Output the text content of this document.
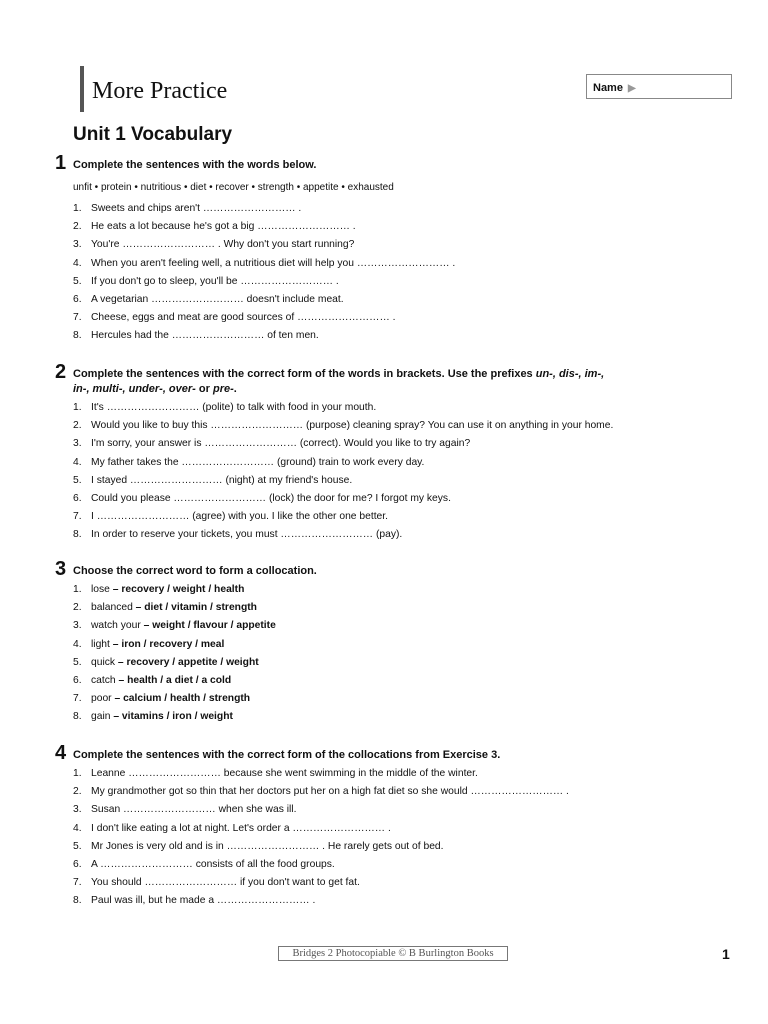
More Practice	Name ▶
Unit 1 Vocabulary
1 Complete the sentences with the words below.
unfit • protein • nutritious • diet • recover • strength • appetite • exhausted
1. Sweets and chips aren't ……………………… .
2. He eats a lot because he's got a big ……………………… .
3. You're ……………………… . Why don't you start running?
4. When you aren't feeling well, a nutritious diet will help you ……………………… .
5. If you don't go to sleep, you'll be ……………………… .
6. A vegetarian ……………………… doesn't include meat.
7. Cheese, eggs and meat are good sources of ……………………… .
8. Hercules had the ……………………… of ten men.
2 Complete the sentences with the correct form of the words in brackets. Use the prefixes un-, dis-, im-,
in-, multi-, under-, over- or pre-.
1. It's ……………………… (polite) to talk with food in your mouth.
2. Would you like to buy this ……………………… (purpose) cleaning spray? You can use it on anything in your home.
3. I'm sorry, your answer is ……………………… (correct). Would you like to try again?
4. My father takes the ……………………… (ground) train to work every day.
5. I stayed ……………………… (night) at my friend's house.
6. Could you please ……………………… (lock) the door for me? I forgot my keys.
7. I ……………………… (agree) with you. I like the other one better.
8. In order to reserve your tickets, you must ……………………… (pay).
3 Choose the correct word to form a collocation.
1. lose – recovery / weight / health
2. balanced – diet / vitamin / strength
3. watch your – weight / flavour / appetite
4. light – iron / recovery / meal
5. quick – recovery / appetite / weight
6. catch – health / a diet / a cold
7. poor – calcium / health / strength
8. gain – vitamins / iron / weight
4 Complete the sentences with the correct form of the collocations from Exercise 3.
1. Leanne ……………………… because she went swimming in the middle of the winter.
2. My grandmother got so thin that her doctors put her on a high fat diet so she would ……………………… .
3. Susan ……………………… when she was ill.
4. I don't like eating a lot at night. Let's order a ……………………… .
5. Mr Jones is very old and is in ……………………… . He rarely gets out of bed.
6. A ……………………… consists of all the food groups.
7. You should ……………………… if you don't want to get fat.
8. Paul was ill, but he made a ……………………… .
Bridges 2 Photocopiable © B Burlington Books	1
